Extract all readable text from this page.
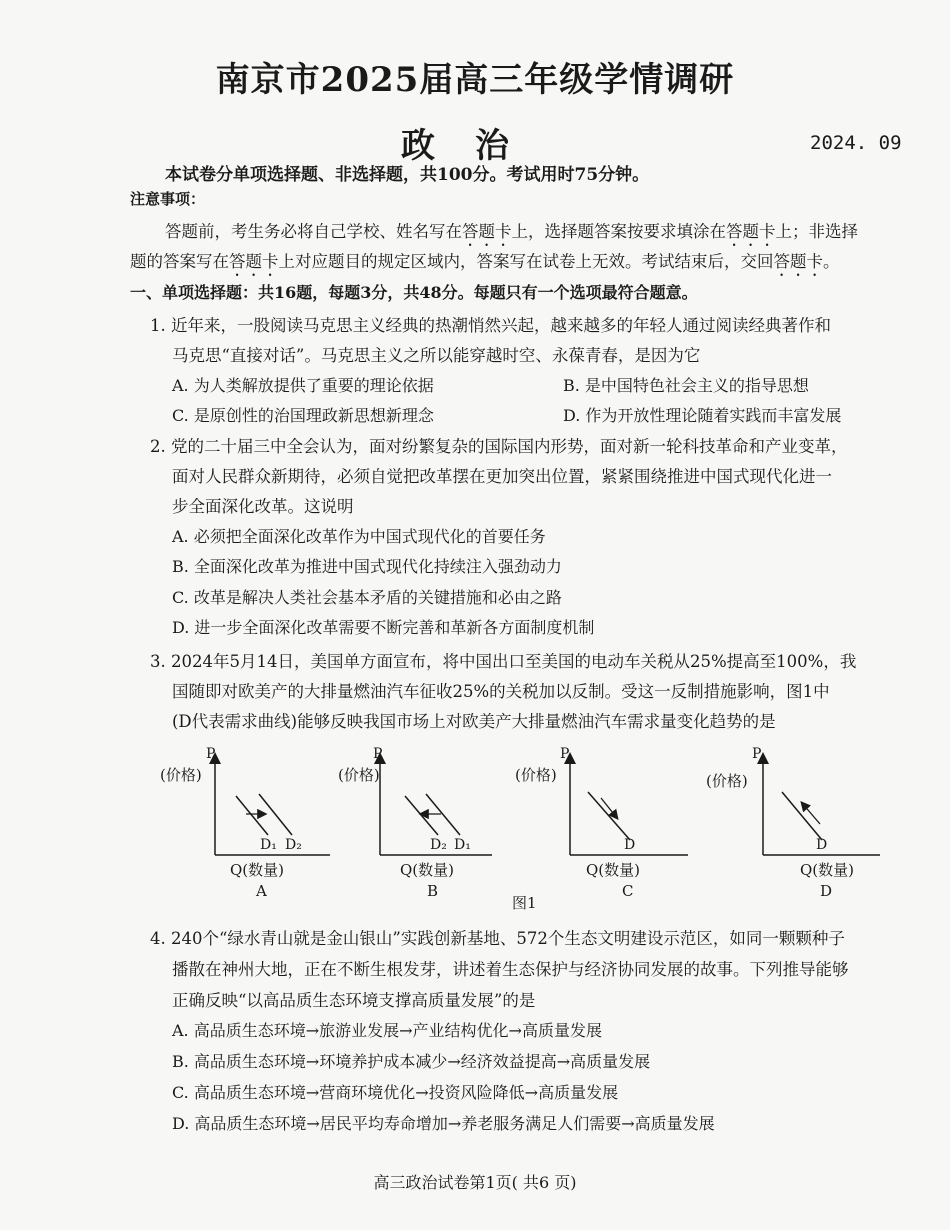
南京市2025届高三年级学情调研
政治	2024. 09
本试卷分单项选择题、非选择题，共100分。考试用时75分钟。
注意事项：
答题前，考生务必将自己学校、姓名写在答题卡上，选择题答案按要求填涂在答题卡上；非选择
题的答案写在答题卡上对应题目的规定区域内，答案写在试卷上无效。考试结束后，交回答题卡。
一、单项选择题：共16题，每题3分，共48分。每题只有一个选项最符合题意。
1. 近年来，一股阅读马克思主义经典的热潮悄然兴起，越来越多的年轻人通过阅读经典著作和
马克思“直接对话”。马克思主义之所以能穿越时空、永葆青春，是因为它
A. 为人类解放提供了重要的理论依据	B. 是中国特色社会主义的指导思想
C. 是原创性的治国理政新思想新理念	D. 作为开放性理论随着实践而丰富发展
2. 党的二十届三中全会认为，面对纷繁复杂的国际国内形势，面对新一轮科技革命和产业变革，
面对人民群众新期待，必须自觉把改革摆在更加突出位置，紧紧围绕推进中国式现代化进一
步全面深化改革。这说明
A. 必须把全面深化改革作为中国式现代化的首要任务
B. 全面深化改革为推进中国式现代化持续注入强劲动力
C. 改革是解决人类社会基本矛盾的关键措施和必由之路
D. 进一步全面深化改革需要不断完善和革新各方面制度机制
3. 2024年5月14日，美国单方面宣布，将中国出口至美国的电动车关税从25%提高至100%，我
国随即对欧美产的大排量燃油汽车征收25%的关税加以反制。受这一反制措施影响，图1中
(D代表需求曲线)能够反映我国市场上对欧美产大排量燃油汽车需求量变化趋势的是
P
(价格)
D₁ D₂
Q(数量)
A
P
(价格)
D₂ D₁
Q(数量)
B
P
(价格)
D
Q(数量)
C
P
(价格)
D
Q(数量)
D
图1
4. 240个“绿水青山就是金山银山”实践创新基地、572个生态文明建设示范区，如同一颗颗种子
播散在神州大地，正在不断生根发芽，讲述着生态保护与经济协同发展的故事。下列推导能够
正确反映“以高品质生态环境支撑高质量发展”的是
A. 高品质生态环境→旅游业发展→产业结构优化→高质量发展
B. 高品质生态环境→环境养护成本减少→经济效益提高→高质量发展
C. 高品质生态环境→营商环境优化→投资风险降低→高质量发展
D. 高品质生态环境→居民平均寿命增加→养老服务满足人们需要→高质量发展
高三政治试卷第1页( 共6 页)
